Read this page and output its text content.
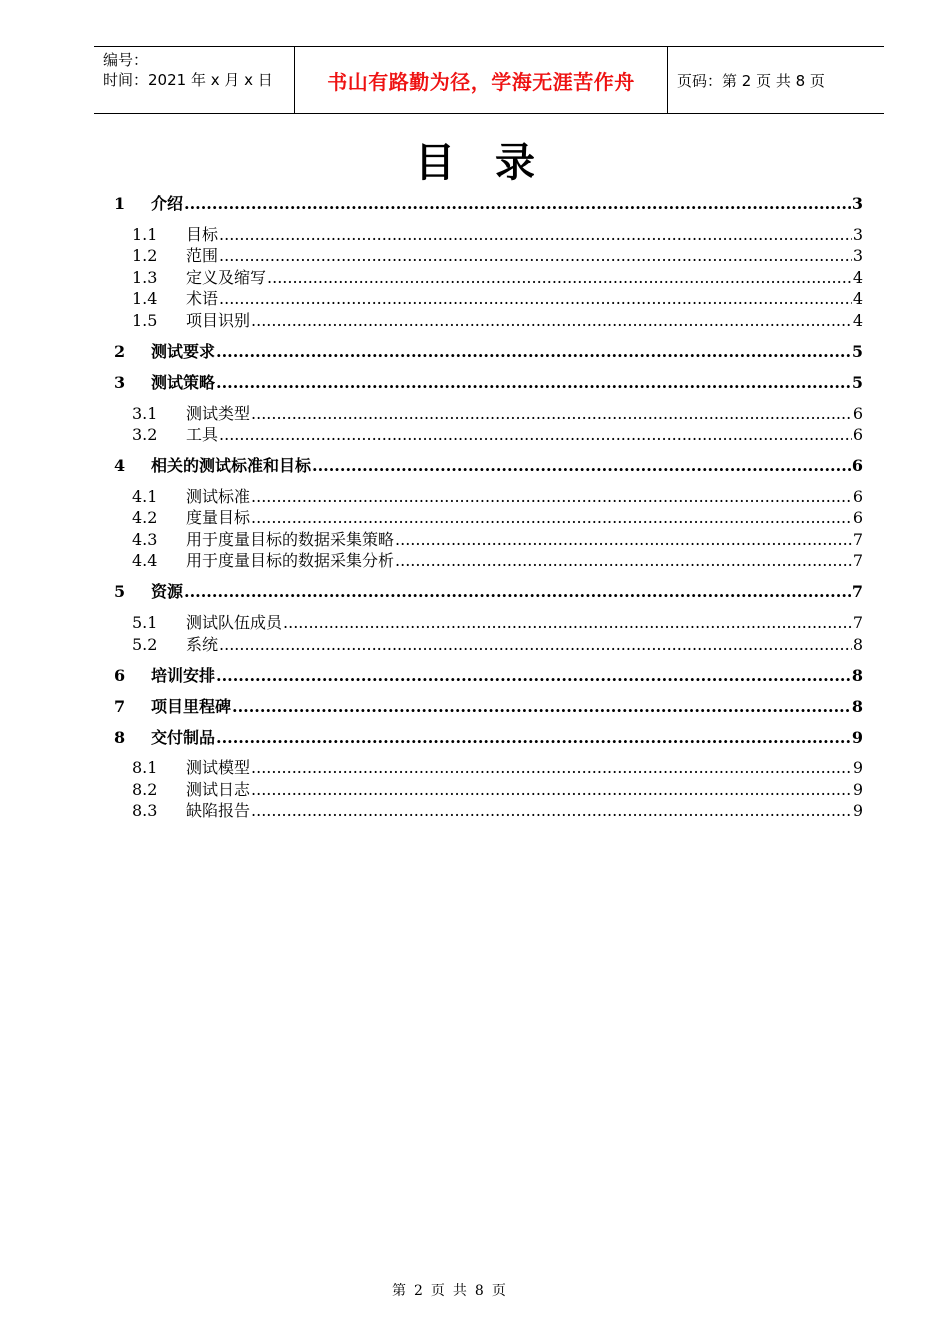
编号：
时间：2021 年 x 月 x 日	书山有路勤为径，学海无涯苦作舟	页码：第 2 页 共 8 页
目录
1	介绍 .....	3
1.1	目标 .....	3
1.2	范围 .....	3
1.3	定义及缩写 .....	4
1.4	术语 .....	4
1.5	项目识别 .....	4
2	测试要求 .....	5
3	测试策略 .....	5
3.1	测试类型 .....	6
3.2	工具 .....	6
4	相关的测试标准和目标 .....	6
4.1	测试标准 .....	6
4.2	度量目标 .....	6
4.3	用于度量目标的数据采集策略 .....	7
4.4	用于度量目标的数据采集分析 .....	7
5	资源 .....	7
5.1	测试队伍成员 .....	7
5.2	系统 .....	8
6	培训安排 .....	8
7	项目里程碑 .....	8
8	交付制品 .....	9
8.1	测试模型 .....	9
8.2	测试日志 .....	9
8.3	缺陷报告 .....	9
第 2 页 共 8 页
